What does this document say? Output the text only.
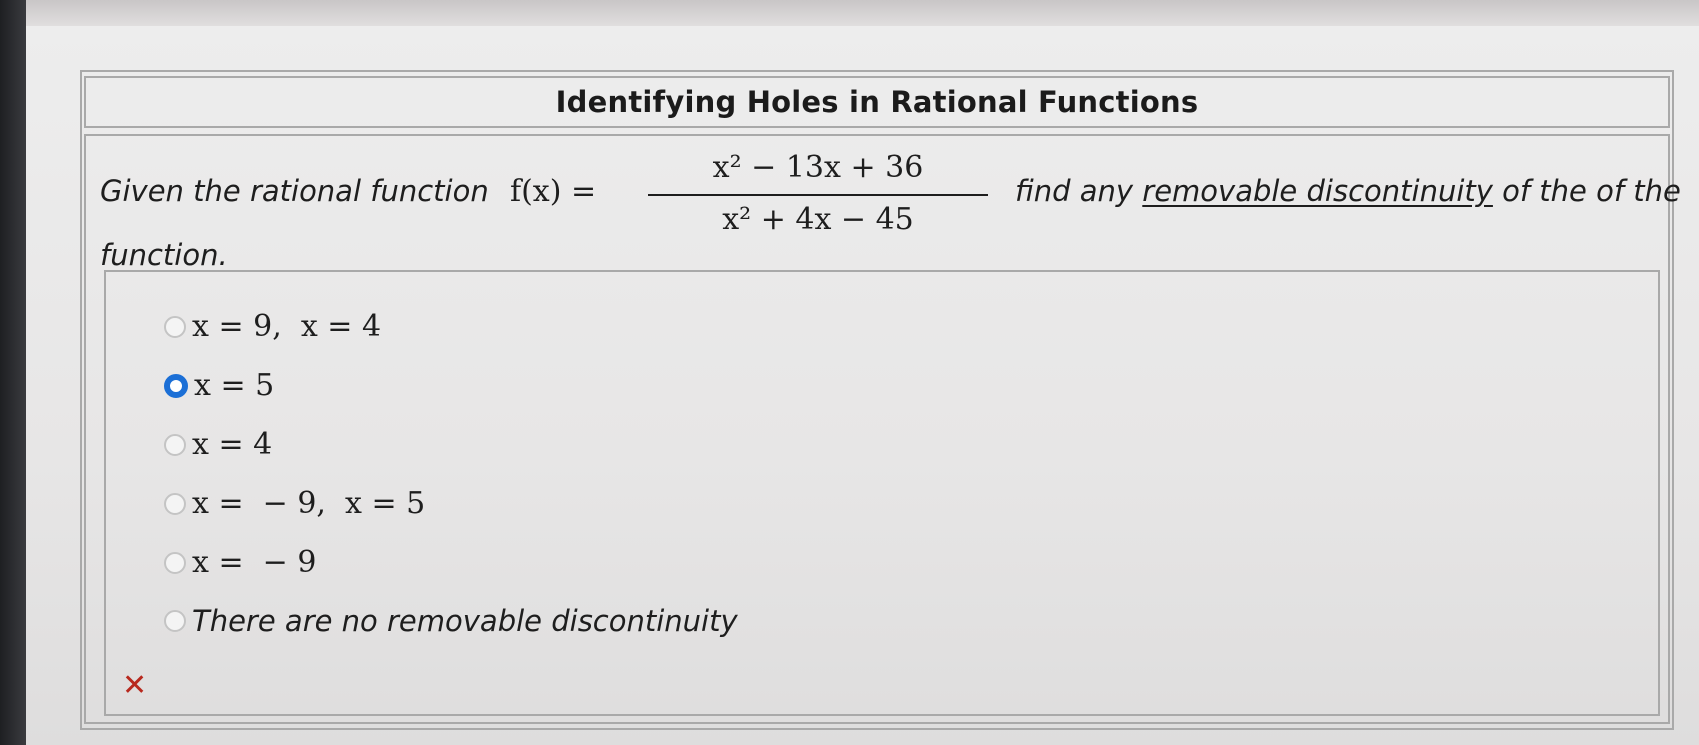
Identifying Holes in Rational Functions
Given the rational function f(x) =
x² − 13x + 36
x² + 4x − 45
find any removable discontinuity of the of the
function.
x = 9,  x = 4
x = 5
x = 4
x =  − 9,  x = 5
x =  − 9
There are no removable discontinuity
✕
